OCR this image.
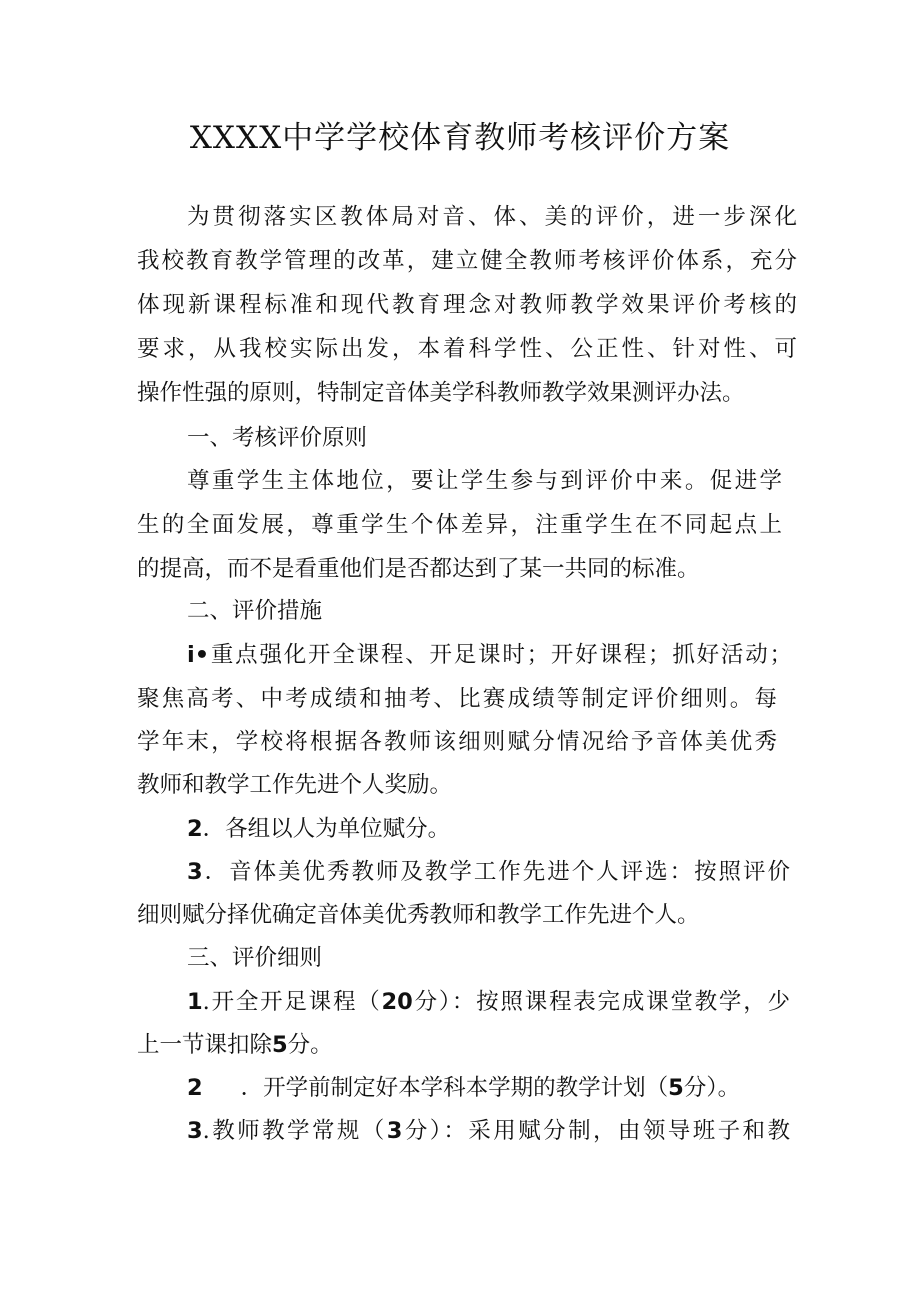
XXXX中学学校体育教师考核评价方案
为贯彻落实区教体局对音、体、美的评价，进一步深化
我校教育教学管理的改革，建立健全教师考核评价体系，充分
体现新课程标准和现代教育理念对教师教学效果评价考核的
要求，从我校实际出发，本着科学性、公正性、针对性、可
操作性强的原则，特制定音体美学科教师教学效果测评办法。
一、考核评价原则
尊重学生主体地位，要让学生参与到评价中来。促进学
生的全面发展，尊重学生个体差异，注重学生在不同起点上
的提高，而不是看重他们是否都达到了某一共同的标准。
二、评价措施
i•重点强化开全课程、开足课时；开好课程；抓好活动；
聚焦高考、中考成绩和抽考、比赛成绩等制定评价细则。每
学年末，学校将根据各教师该细则赋分情况给予音体美优秀
教师和教学工作先进个人奖励。
2．各组以人为单位赋分。
3．音体美优秀教师及教学工作先进个人评选：按照评价
细则赋分择优确定音体美优秀教师和教学工作先进个人。
三、评价细则
1.开全开足课程（20分）：按照课程表完成课堂教学，少
上一节课扣除5分。
2 ．开学前制定好本学科本学期的教学计划（5分）。
3.教师教学常规（3分）：采用赋分制，由领导班子和教
